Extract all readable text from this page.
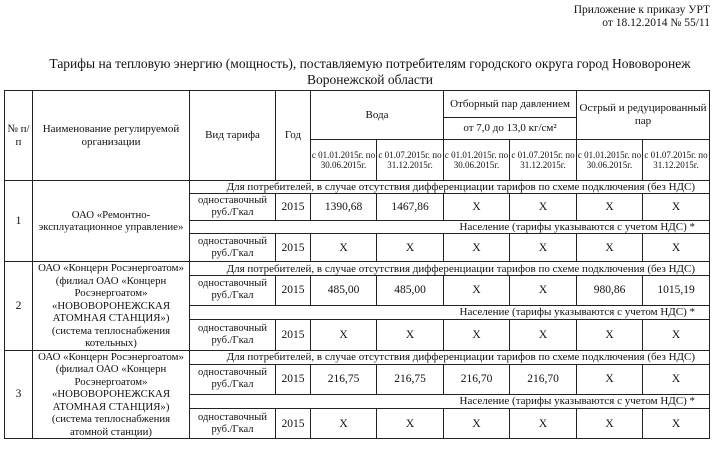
Приложение к приказу УРТ
от 18.12.2014 № 55/11
Тарифы на тепловую энергию (мощность), поставляемую потребителям городского округа город Нововоронеж
Воронежской области
№ п/п	Наименование регулируемой организации	Вид тарифа	Год	Вода		Отборный пар давлением		Острый и редуцированный пар	
						от 7,0 до 13,0 кг/см²			
				с 01.01.2015г. по 30.06.2015г.	с 01.07.2015г. по 31.12.2015г.	с 01.01.2015г. по 30.06.2015г.	с 01.07.2015г. по 31.12.2015г.	с 01.01.2015г. по 30.06.2015г.	с 01.07.2015г. по 31.12.2015г.
1	ОАО «Ремонтно-эксплуатационное управление»	Для потребителей, в случае отсутствия дифференциации тарифов по схеме подключения (без НДС)							
		одноставочный руб./Гкал	2015	1390,68	1467,86	Х	Х	Х	Х
		Население (тарифы указываются с учетом НДС) *							
		одноставочный руб./Гкал	2015	Х	Х	Х	Х	Х	Х
2	ОАО «Концерн Росэнергоатом» (филиал ОАО «Концерн Росэнергоатом» «НОВОВОРОНЕЖСКАЯ АТОМНАЯ СТАНЦИЯ») (система теплоснабжения котельных)	Для потребителей, в случае отсутствия дифференциации тарифов по схеме подключения (без НДС)							
		одноставочный руб./Гкал	2015	485,00	485,00	Х	Х	980,86	1015,19
		Население (тарифы указываются с учетом НДС) *							
		одноставочный руб./Гкал	2015	Х	Х	Х	Х	Х	Х
3	ОАО «Концерн Росэнергоатом» (филиал ОАО «Концерн Росэнергоатом» «НОВОВОРОНЕЖСКАЯ АТОМНАЯ СТАНЦИЯ») (система теплоснабжения атомной станции)	Для потребителей, в случае отсутствия дифференциации тарифов по схеме подключения (без НДС)							
		одноставочный руб./Гкал	2015	216,75	216,75	216,70	216,70	Х	Х
		Население (тарифы указываются с учетом НДС) *							
		одноставочный руб./Гкал	2015	Х	Х	Х	Х	Х	Х
